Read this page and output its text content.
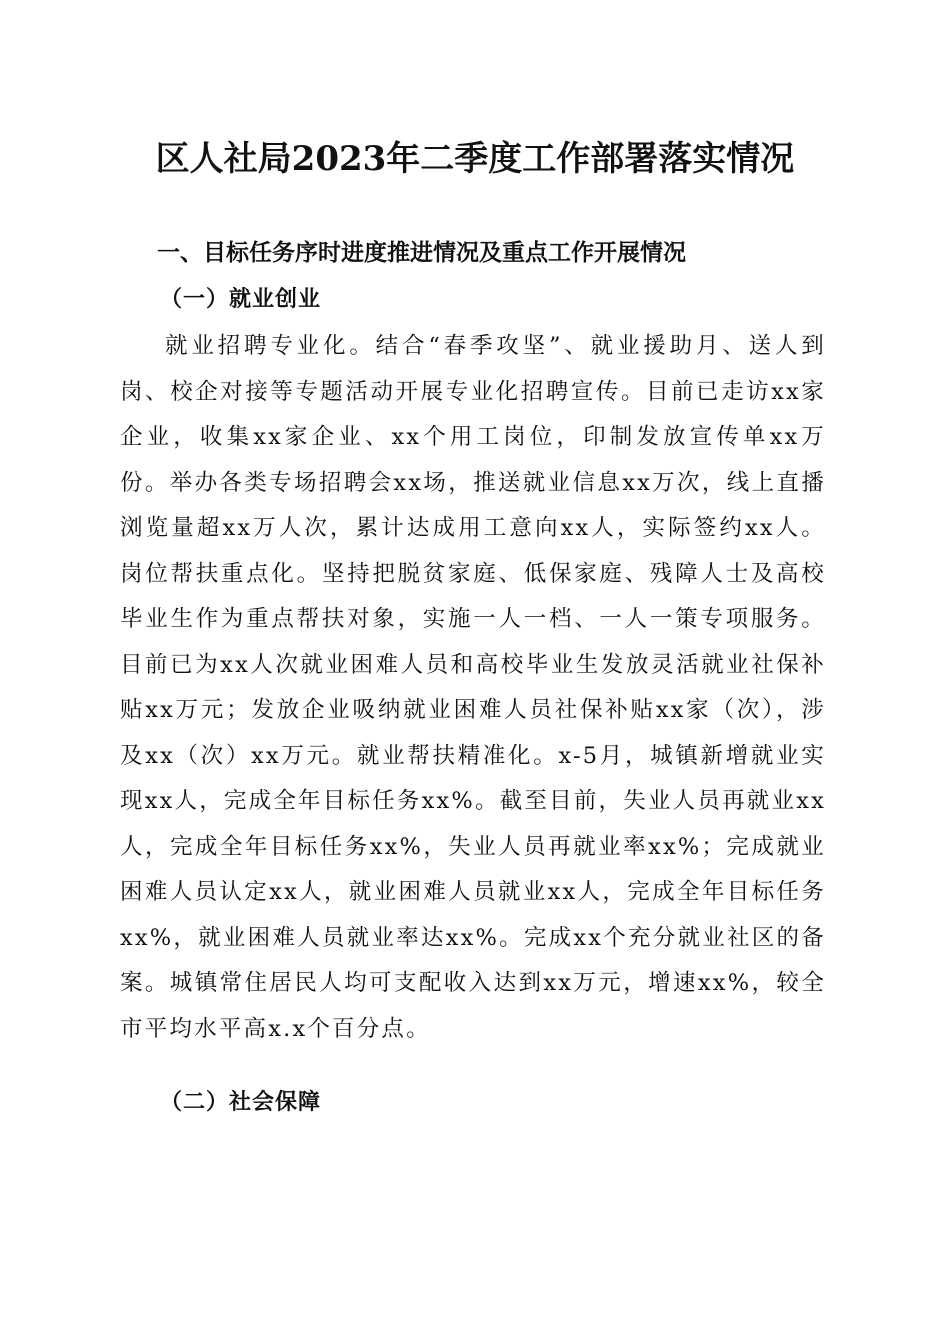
区人社局2023年二季度工作部署落实情况
一、目标任务序时进度推进情况及重点工作开展情况
（一）就业创业

就业招聘专业化。结合“春季攻坚”、就业援助月、送人到岗、校企对接等专题活动开展专业化招聘宣传。目前已走访xx家企业，收集xx家企业、xx个用工岗位，印制发放宣传单xx万份。举办各类专场招聘会xx场，推送就业信息xx万次，线上直播浏览量超xx万人次，累计达成用工意向xx人，实际签约xx人。岗位帮扶重点化。坚持把脱贫家庭、低保家庭、残障人士及高校毕业生作为重点帮扶对象，实施一人一档、一人一策专项服务。目前已为xx人次就业困难人员和高校毕业生发放灵活就业社保补贴xx万元；发放企业吸纳就业困难人员社保补贴xx家（次），涉及xx（次）xx万元。就业帮扶精准化。x-5月，城镇新增就业实现xx人，完成全年目标任务xx%。截至目前，失业人员再就业xx人，完成全年目标任务xx%，失业人员再就业率xx%；完成就业困难人员认定xx人，就业困难人员就业xx人，完成全年目标任务xx%，就业困难人员就业率达xx%。完成xx个充分就业社区的备案。城镇常住居民人均可支配收入达到xx万元，增速xx%，较全市平均水平高x.x个百分点。

（二）社会保障
